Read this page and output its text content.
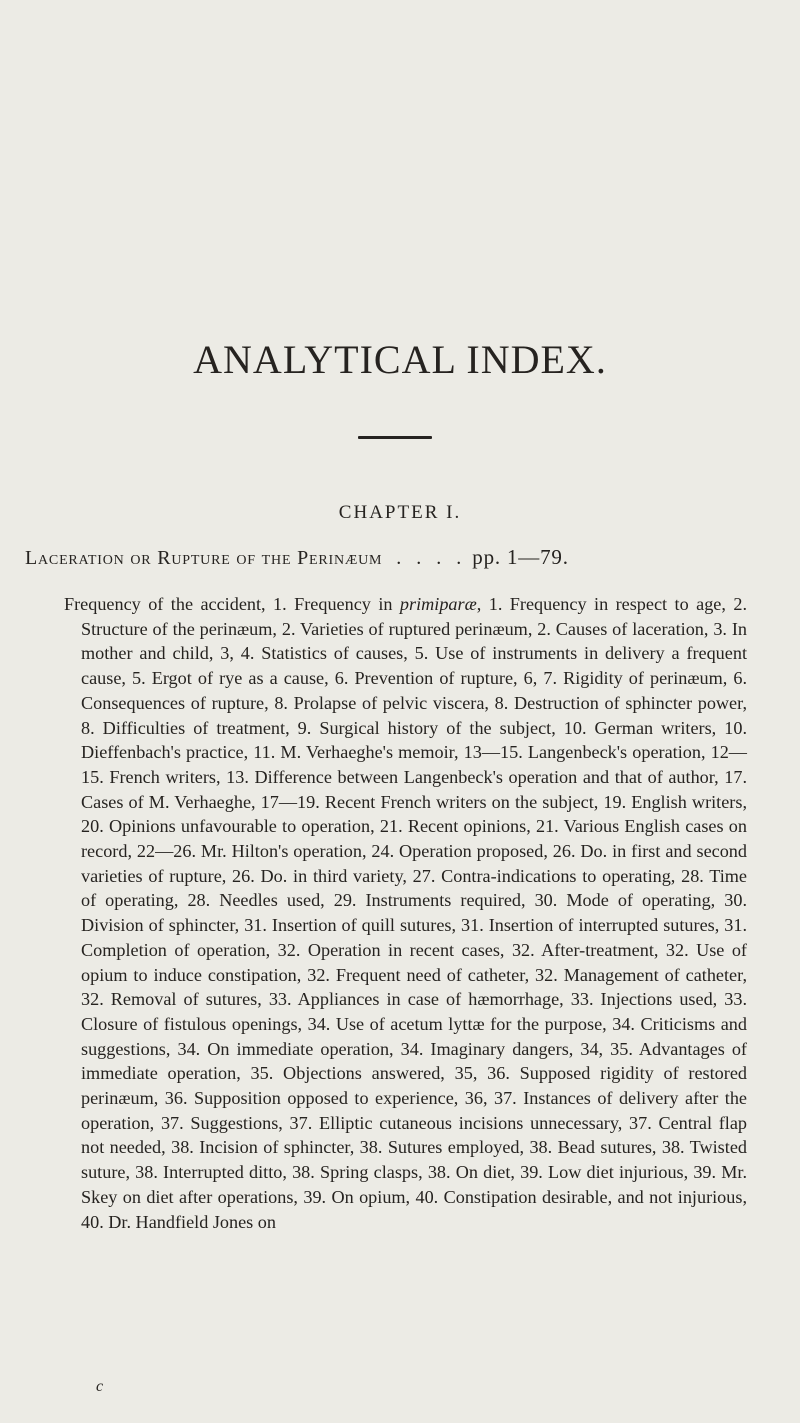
ANALYTICAL INDEX.
CHAPTER I.
Laceration or Rupture of the Perinæum . . . . pp. 1—79.

Frequency of the accident, 1. Frequency in primiparæ, 1. Frequency in respect to age, 2. Structure of the perinæum, 2. Varieties of ruptured perinæum, 2. Causes of laceration, 3. In mother and child, 3, 4. Statistics of causes, 5. Use of instruments in delivery a frequent cause, 5. Ergot of rye as a cause, 6. Prevention of rupture, 6, 7. Rigidity of perinæum, 6. Consequences of rupture, 8. Prolapse of pelvic viscera, 8. Destruction of sphincter power, 8. Difficulties of treatment, 9. Surgical history of the subject, 10. German writers, 10. Dieffenbach's practice, 11. M. Verhaeghe's memoir, 13—15. Langenbeck's operation, 12—15. French writers, 13. Difference between Langenbeck's operation and that of author, 17. Cases of M. Verhaeghe, 17—19. Recent French writers on the subject, 19. English writers, 20. Opinions unfavourable to operation, 21. Recent opinions, 21. Various English cases on record, 22—26. Mr. Hilton's operation, 24. Operation proposed, 26. Do. in first and second varieties of rupture, 26. Do. in third variety, 27. Contra-indications to operating, 28. Time of operating, 28. Needles used, 29. Instruments required, 30. Mode of operating, 30. Division of sphincter, 31. Insertion of quill sutures, 31. Insertion of interrupted sutures, 31. Completion of operation, 32. Operation in recent cases, 32. After-treatment, 32. Use of opium to induce constipation, 32. Frequent need of catheter, 32. Management of catheter, 32. Removal of sutures, 33. Appliances in case of hæmorrhage, 33. Injections used, 33. Closure of fistulous openings, 34. Use of acetum lyttæ for the purpose, 34. Criticisms and suggestions, 34. On immediate operation, 34. Imaginary dangers, 34, 35. Advantages of immediate operation, 35. Objections answered, 35, 36. Supposed rigidity of restored perinæum, 36. Supposition opposed to experience, 36, 37. Instances of delivery after the operation, 37. Suggestions, 37. Elliptic cutaneous incisions unnecessary, 37. Central flap not needed, 38. Incision of sphincter, 38. Sutures employed, 38. Bead sutures, 38. Twisted suture, 38. Interrupted ditto, 38. Spring clasps, 38. On diet, 39. Low diet injurious, 39. Mr. Skey on diet after operations, 39. On opium, 40. Constipation desirable, and not injurious, 40. Dr. Handfield Jones on

c
